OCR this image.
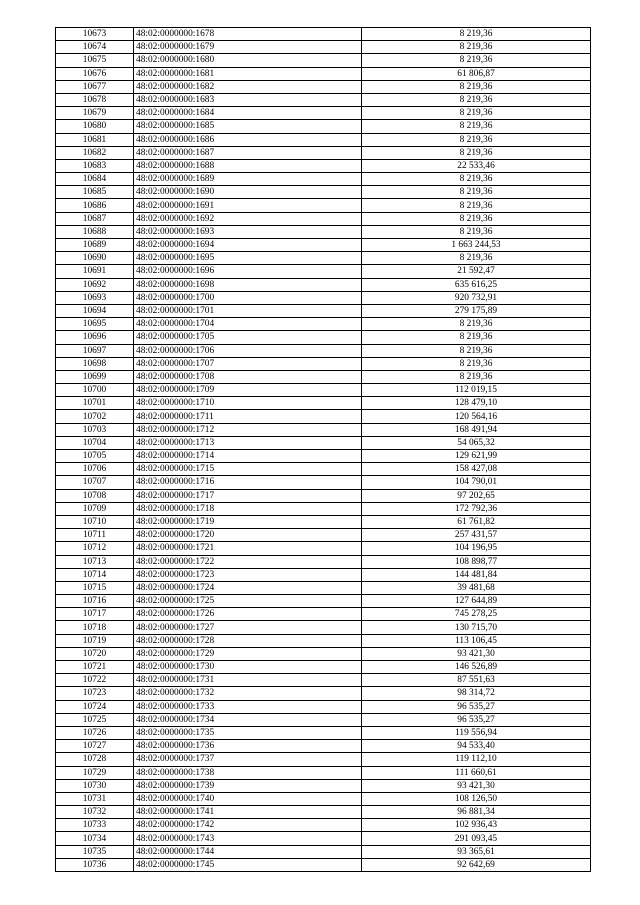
10673	48:02:0000000:1678	8 219,36
10674	48:02:0000000:1679	8 219,36
10675	48:02:0000000:1680	8 219,36
10676	48:02:0000000:1681	61 806,87
10677	48:02:0000000:1682	8 219,36
10678	48:02:0000000:1683	8 219,36
10679	48:02:0000000:1684	8 219,36
10680	48:02:0000000:1685	8 219,36
10681	48:02:0000000:1686	8 219,36
10682	48:02:0000000:1687	8 219,36
10683	48:02:0000000:1688	22 533,46
10684	48:02:0000000:1689	8 219,36
10685	48:02:0000000:1690	8 219,36
10686	48:02:0000000:1691	8 219,36
10687	48:02:0000000:1692	8 219,36
10688	48:02:0000000:1693	8 219,36
10689	48:02:0000000:1694	1 663 244,53
10690	48:02:0000000:1695	8 219,36
10691	48:02:0000000:1696	21 592,47
10692	48:02:0000000:1698	635 616,25
10693	48:02:0000000:1700	920 732,91
10694	48:02:0000000:1701	279 175,89
10695	48:02:0000000:1704	8 219,36
10696	48:02:0000000:1705	8 219,36
10697	48:02:0000000:1706	8 219,36
10698	48:02:0000000:1707	8 219,36
10699	48:02:0000000:1708	8 219,36
10700	48:02:0000000:1709	112 019,15
10701	48:02:0000000:1710	128 479,10
10702	48:02:0000000:1711	120 564,16
10703	48:02:0000000:1712	168 491,94
10704	48:02:0000000:1713	54 065,32
10705	48:02:0000000:1714	129 621,99
10706	48:02:0000000:1715	158 427,08
10707	48:02:0000000:1716	104 790,01
10708	48:02:0000000:1717	97 202,65
10709	48:02:0000000:1718	172 792,36
10710	48:02:0000000:1719	61 761,82
10711	48:02:0000000:1720	257 431,57
10712	48:02:0000000:1721	104 196,95
10713	48:02:0000000:1722	108 898,77
10714	48:02:0000000:1723	144 481,84
10715	48:02:0000000:1724	39 481,68
10716	48:02:0000000:1725	127 644,89
10717	48:02:0000000:1726	745 278,25
10718	48:02:0000000:1727	130 715,70
10719	48:02:0000000:1728	113 106,45
10720	48:02:0000000:1729	93 421,30
10721	48:02:0000000:1730	146 526,89
10722	48:02:0000000:1731	87 551,63
10723	48:02:0000000:1732	98 314,72
10724	48:02:0000000:1733	96 535,27
10725	48:02:0000000:1734	96 535,27
10726	48:02:0000000:1735	119 556,94
10727	48:02:0000000:1736	94 533,40
10728	48:02:0000000:1737	119 112,10
10729	48:02:0000000:1738	111 660,61
10730	48:02:0000000:1739	93 421,30
10731	48:02:0000000:1740	108 126,50
10732	48:02:0000000:1741	96 881,34
10733	48:02:0000000:1742	102 936,43
10734	48:02:0000000:1743	291 093,45
10735	48:02:0000000:1744	93 365,61
10736	48:02:0000000:1745	92 642,69
